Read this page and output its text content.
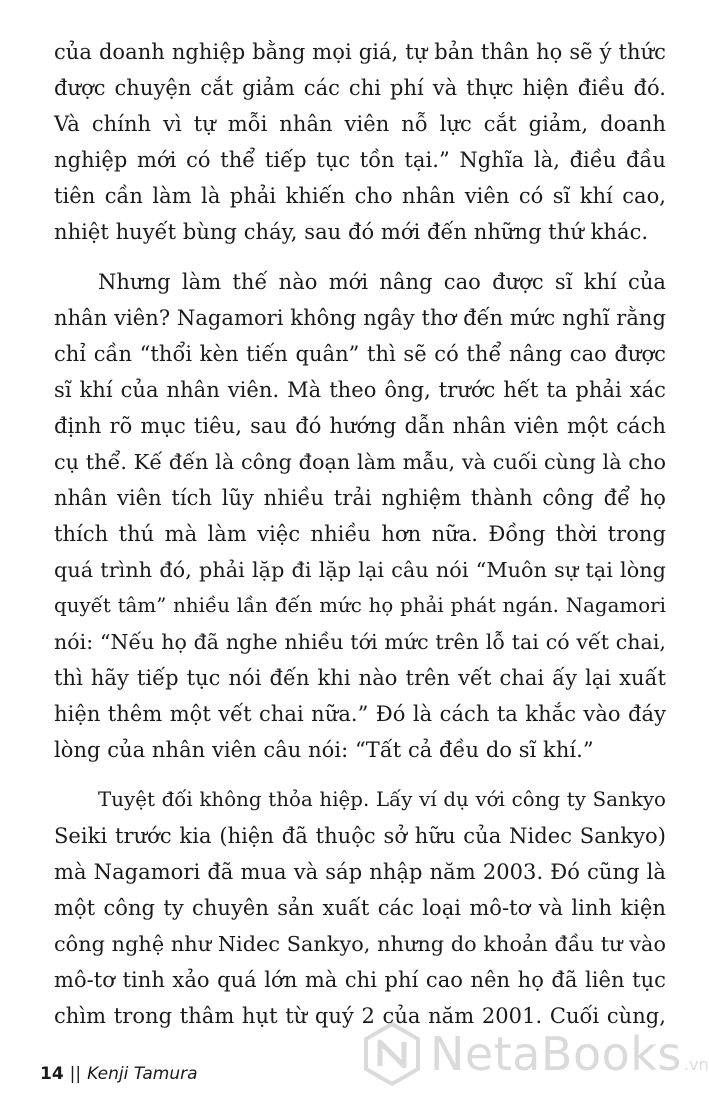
của doanh nghiệp bằng mọi giá, tự bản thân họ sẽ ý thức
được chuyện cắt giảm các chi phí và thực hiện điều đó.
Và chính vì tự mỗi nhân viên nỗ lực cắt giảm, doanh
nghiệp mới có thể tiếp tục tồn tại.” Nghĩa là, điều đầu
tiên cần làm là phải khiến cho nhân viên có sĩ khí cao,
nhiệt huyết bùng cháy, sau đó mới đến những thứ khác.
Nhưng làm thế nào mới nâng cao được sĩ khí của
nhân viên? Nagamori không ngây thơ đến mức nghĩ rằng
chỉ cần “thổi kèn tiến quân” thì sẽ có thể nâng cao được
sĩ khí của nhân viên. Mà theo ông, trước hết ta phải xác
định rõ mục tiêu, sau đó hướng dẫn nhân viên một cách
cụ thể. Kế đến là công đoạn làm mẫu, và cuối cùng là cho
nhân viên tích lũy nhiều trải nghiệm thành công để họ
thích thú mà làm việc nhiều hơn nữa. Đồng thời trong
quá trình đó, phải lặp đi lặp lại câu nói “Muôn sự tại lòng
quyết tâm” nhiều lần đến mức họ phải phát ngán. Nagamori
nói: “Nếu họ đã nghe nhiều tới mức trên lỗ tai có vết chai,
thì hãy tiếp tục nói đến khi nào trên vết chai ấy lại xuất
hiện thêm một vết chai nữa.” Đó là cách ta khắc vào đáy
lòng của nhân viên câu nói: “Tất cả đều do sĩ khí.”
Tuyệt đối không thỏa hiệp. Lấy ví dụ với công ty Sankyo
Seiki trước kia (hiện đã thuộc sở hữu của Nidec Sankyo)
mà Nagamori đã mua và sáp nhập năm 2003. Đó cũng là
một công ty chuyên sản xuất các loại mô-tơ và linh kiện
công nghệ như Nidec Sankyo, nhưng do khoản đầu tư vào
mô-tơ tinh xảo quá lớn mà chi phí cao nên họ đã liên tục
chìm trong thâm hụt từ quý 2 của năm 2001. Cuối cùng,
14 || Kenji Tamura	NetaBooks .vn
